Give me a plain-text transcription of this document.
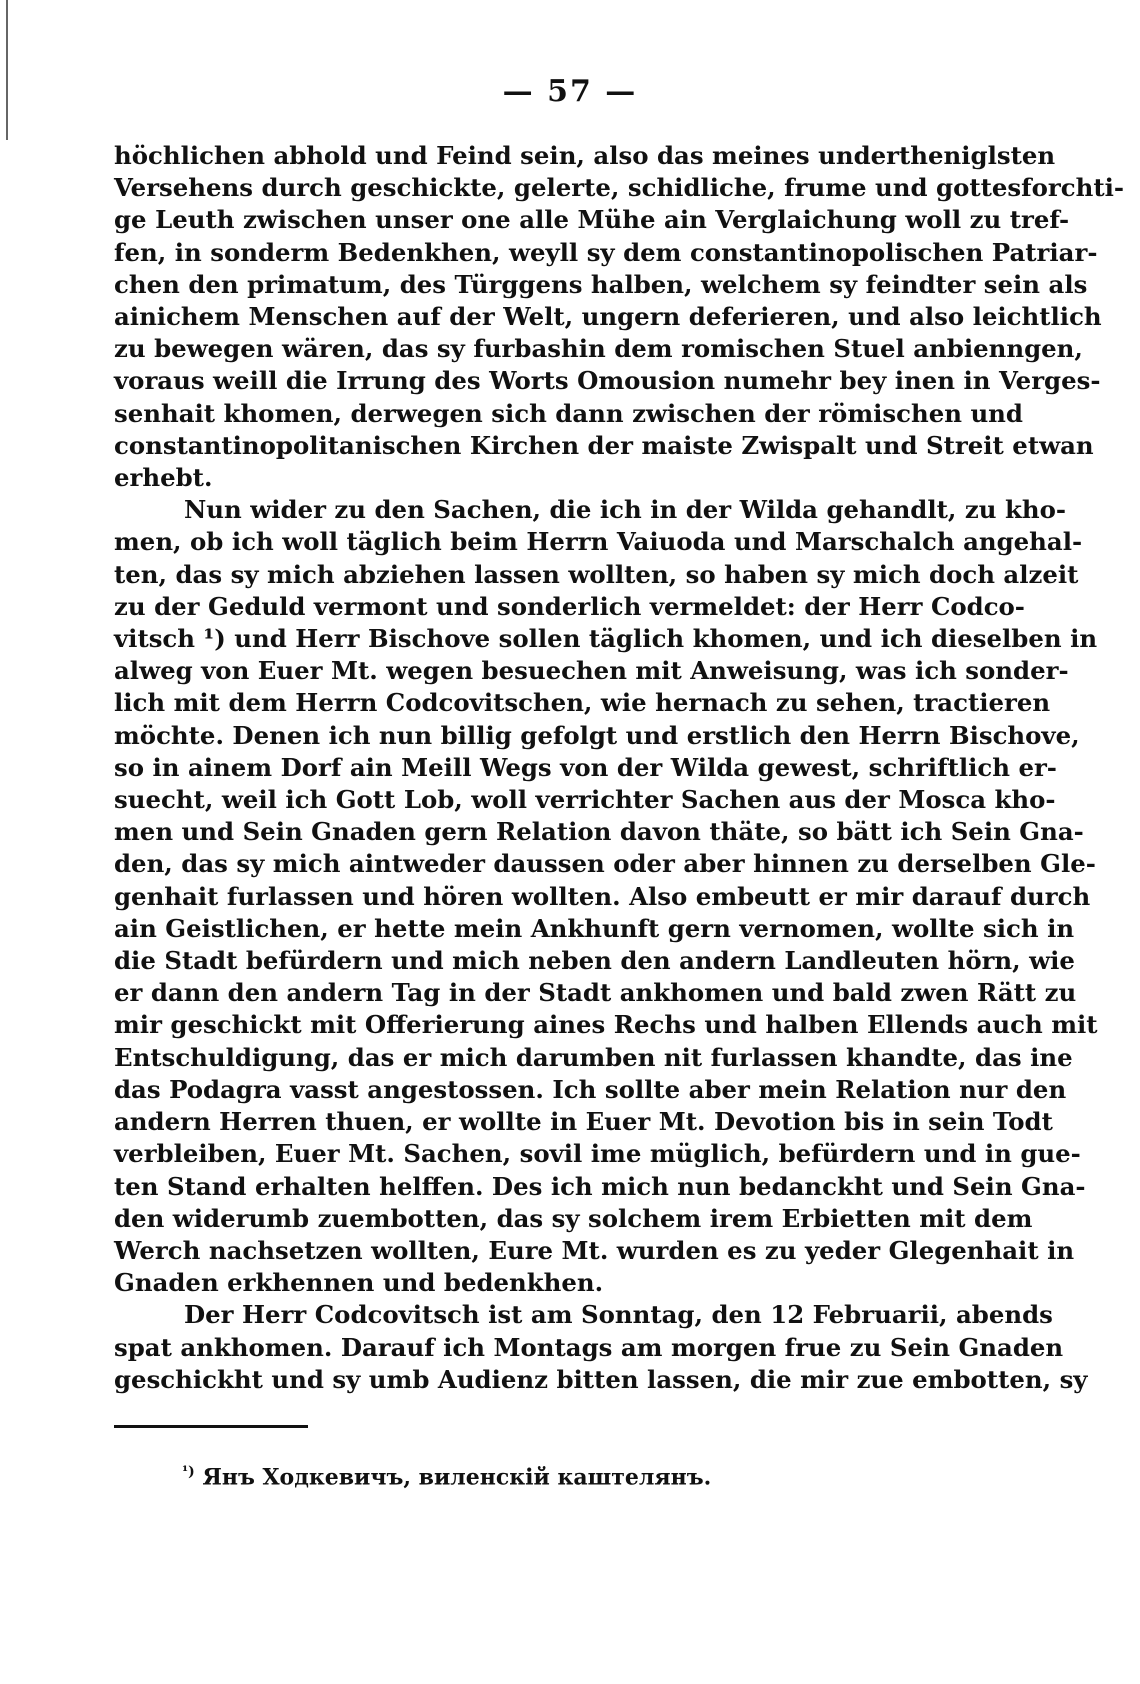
— 57 —
höchlichen abhold und Feind sein, also das meines undertheniglsten
Versehens durch geschickte, gelerte, schidliche, frume und gottesforchti-
ge Leuth zwischen unser one alle Mühe ain Verglaichung woll zu tref-
fen, in sonderm Bedenkhen, weyll sy dem constantinopolischen Patriar-
chen den primatum, des Türggens halben, welchem sy feindter sein als
ainichem Menschen auf der Welt, ungern deferieren, und also leichtlich
zu bewegen wären, das sy furbashin dem romischen Stuel anbienngen,
voraus weill die Irrung des Worts Omousion numehr bey inen in Verges-
senhait khomen, derwegen sich dann zwischen der römischen und
constantinopolitanischen Kirchen der maiste Zwispalt und Streit etwan
erhebt.
Nun wider zu den Sachen, die ich in der Wilda gehandlt, zu kho-
men, ob ich woll täglich beim Herrn Vaiuoda und Marschalch angehal-
ten, das sy mich abziehen lassen wollten, so haben sy mich doch alzeit
zu der Geduld vermont und sonderlich vermeldet: der Herr Codco-
vitsch ¹) und Herr Bischove sollen täglich khomen, und ich dieselben in
alweg von Euer Mt. wegen besuechen mit Anweisung, was ich sonder-
lich mit dem Herrn Codcovitschen, wie hernach zu sehen, tractieren
möchte. Denen ich nun billig gefolgt und erstlich den Herrn Bischove,
so in ainem Dorf ain Meill Wegs von der Wilda gewest, schriftlich er-
suecht, weil ich Gott Lob, woll verrichter Sachen aus der Mosca kho-
men und Sein Gnaden gern Relation davon thäte, so bätt ich Sein Gna-
den, das sy mich aintweder daussen oder aber hinnen zu derselben Gle-
genhait furlassen und hören wollten. Also embeutt er mir darauf durch
ain Geistlichen, er hette mein Ankhunft gern vernomen, wollte sich in
die Stadt befürdern und mich neben den andern Landleuten hörn, wie
er dann den andern Tag in der Stadt ankhomen und bald zwen Rätt zu
mir geschickt mit Offerierung aines Rechs und halben Ellends auch mit
Entschuldigung, das er mich darumben nit furlassen khandte, das ine
das Podagra vasst angestossen. Ich sollte aber mein Relation nur den
andern Herren thuen, er wollte in Euer Mt. Devotion bis in sein Todt
verbleiben, Euer Mt. Sachen, sovil ime müglich, befürdern und in gue-
ten Stand erhalten helffen. Des ich mich nun bedanckht und Sein Gna-
den widerumb zuembotten, das sy solchem irem Erbietten mit dem
Werch nachsetzen wollten, Eure Mt. wurden es zu yeder Glegenhait in
Gnaden erkhennen und bedenkhen.
Der Herr Codcovitsch ist am Sonntag, den 12 Februarii, abends
spat ankhomen. Darauf ich Montags am morgen frue zu Sein Gnaden
geschickht und sy umb Audienz bitten lassen, die mir zue embotten, sy
$^{^1)}$ Янъ Ходкевичъ, виленскій каштелянъ.
